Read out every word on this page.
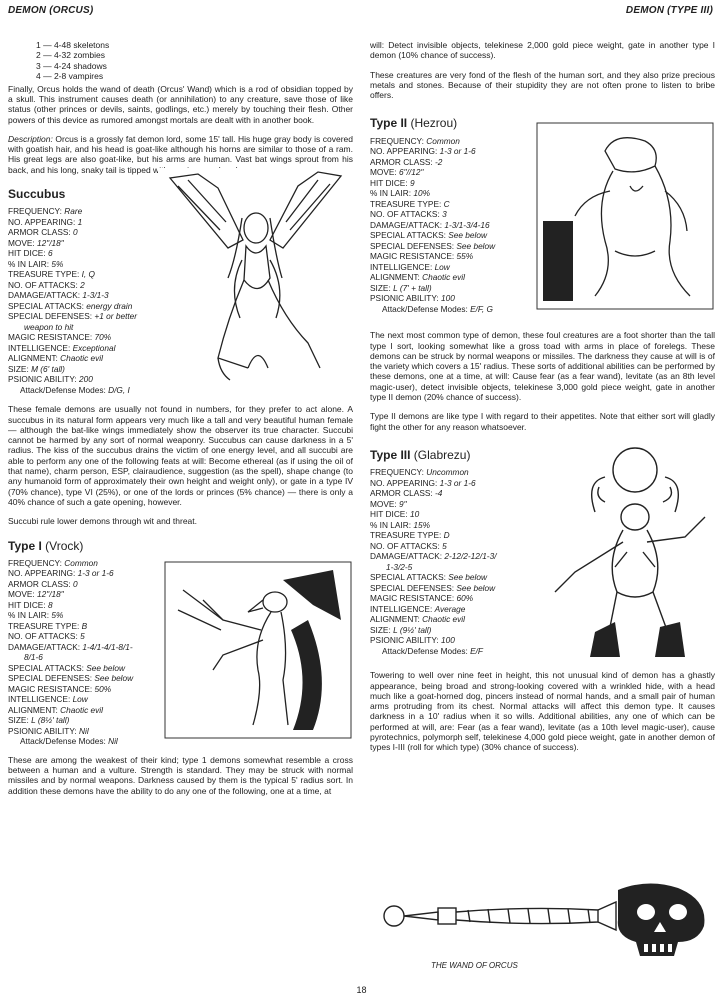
DEMON (ORCUS)	DEMON (TYPE III)
1 — 4-48 skeletons
2 — 4-32 zombies
3 — 4-24 shadows
4 — 2-8 vampires

Finally, Orcus holds the wand of death (Orcus' Wand) which is a rod of obsidian topped by a skull. This instrument causes death (or annihilation) to any creature, save those of like status (other princes or devils, saints, godlings, etc.) merely by touching their flesh. Other powers of this device as rumored amongst mortals are dealt with in another book.

Description: Orcus is a grossly fat demon lord, some 15' tall. His huge gray body is covered with goatish hair, and his head is goat-like although his horns are similar to those of a ram. His great legs are also goat-like, but his arms are human. Vast bat wings sprout from his back, and his long, snaky tail is tipped with a poisonous head.

Succubus
FREQUENCY: Rare
NO. APPEARING: 1
ARMOR CLASS: 0
MOVE: 12"/18"
HIT DICE: 6
% IN LAIR: 5%
TREASURE TYPE: I, Q
NO. OF ATTACKS: 2
DAMAGE/ATTACK: 1-3/1-3
SPECIAL ATTACKS: energy drain
SPECIAL DEFENSES: +1 or better
weapon to hit
MAGIC RESISTANCE: 70%
INTELLIGENCE: Exceptional
ALIGNMENT: Chaotic evil
SIZE: M (6' tall)
PSIONIC ABILITY: 200
Attack/Defense Modes: D/G, I

These female demons are usually not found in numbers, for they prefer to act alone. A succubus in its natural form appears very much like a tall and very beautiful human female — although the bat-like wings immediately show the observer its true character. Succubi cannot be harmed by any sort of normal weaponry. Succubus can cause darkness in a 5' radius. The kiss of the succubus drains the victim of one energy level, and all succubi are able to perform any one of the following feats at will: Become ethereal (as if using the oil of that name), charm person, ESP, clairaudience, suggestion (as the spell), shape change (to any humanoid form of approximately their own height and weight only), or gate in a type IV (70% chance), type VI (25%), or one of the lords or princes (5% chance) — there is only a 40% chance of such a gate opening, however.

Succubi rule lower demons through wit and threat.

Type I (Vrock)
FREQUENCY: Common
NO. APPEARING: 1-3 or 1-6
ARMOR CLASS: 0
MOVE: 12"/18"
HIT DICE: 8
% IN LAIR: 5%
TREASURE TYPE: B
NO. OF ATTACKS: 5
DAMAGE/ATTACK: 1-4/1-4/1-8/1-
8/1-6
SPECIAL ATTACKS: See below
SPECIAL DEFENSES: See below
MAGIC RESISTANCE: 50%
INTELLIGENCE: Low
ALIGNMENT: Chaotic evil
SIZE: L (8½' tall)
PSIONIC ABILITY: Nil
Attack/Defense Modes: Nil

These are among the weakest of their kind; type 1 demons somewhat resemble a cross between a human and a vulture. Strength is standard. They may be struck with normal missiles and by normal weapons. Darkness caused by them is the typical 5' radius sort. In addition these demons have the ability to do any one of the following, one at a time, at

will: Detect invisible objects, telekinese 2,000 gold piece weight, gate in another type I demon (10% chance of success).

These creatures are very fond of the flesh of the human sort, and they also prize precious metals and stones. Because of their stupidity they are not often prone to listen to bribe offers.

Type II (Hezrou)
FREQUENCY: Common
NO. APPEARING: 1-3 or 1-6
ARMOR CLASS: -2
MOVE: 6"//12"
HIT DICE: 9
% IN LAIR: 10%
TREASURE TYPE: C
NO. OF ATTACKS: 3
DAMAGE/ATTACK: 1-3/1-3/4-16
SPECIAL ATTACKS: See below
SPECIAL DEFENSES: See below
MAGIC RESISTANCE: 55%
INTELLIGENCE: Low
ALIGNMENT: Chaotic evil
SIZE: L (7' + tall)
PSIONIC ABILITY: 100
Attack/Defense Modes: E/F, G

The next most common type of demon, these foul creatures are a foot shorter than the tall type I sort, looking somewhat like a gross toad with arms in place of forelegs. These demons can be struck by normal weapons or missiles. The darkness they cause at will is of the variety which covers a 15' radius. These sorts of additional abilities can be performed by these demons, one at a time, at will: Cause fear (as a fear wand), levitate (as an 8th level magic-user), detect invisible objects, telekinese 3,000 gold piece weight, gate in another type II demon (20% chance of success).

Type II demons are like type I with regard to their appetites. Note that either sort will gladly fight the other for any reason whatsoever.

Type III (Glabrezu)
FREQUENCY: Uncommon
NO. APPEARING: 1-3 or 1-6
ARMOR CLASS: -4
MOVE: 9"
HIT DICE: 10
% IN LAIR: 15%
TREASURE TYPE: D
NO. OF ATTACKS: 5
DAMAGE/ATTACK: 2-12/2-12/1-3/
1-3/2-5
SPECIAL ATTACKS: See below
SPECIAL DEFENSES: See below
MAGIC RESISTANCE: 60%
INTELLIGENCE: Average
ALIGNMENT: Chaotic evil
SIZE: L (9½' tall)
PSIONIC ABILITY: 100
Attack/Defense Modes: E/F

Towering to well over nine feet in height, this not unusual kind of demon has a ghastly appearance, being broad and strong-looking covered with a wrinkled hide, with a head much like a goat-horned dog, pincers instead of normal hands, and a small pair of human arms protruding from its chest. Normal attacks will affect this demon type. It causes darkness in a 10' radius when it so wills. Additional abilities, any one of which can be performed at will, are: Fear (as a fear wand), levitate (as a 10th level magic-user), cause pyrotechnics, polymorph self, telekinese 4,000 gold piece weight, gate in another demon of types I-III (roll for which type) (30% chance of success).

THE WAND OF ORCUS
18
